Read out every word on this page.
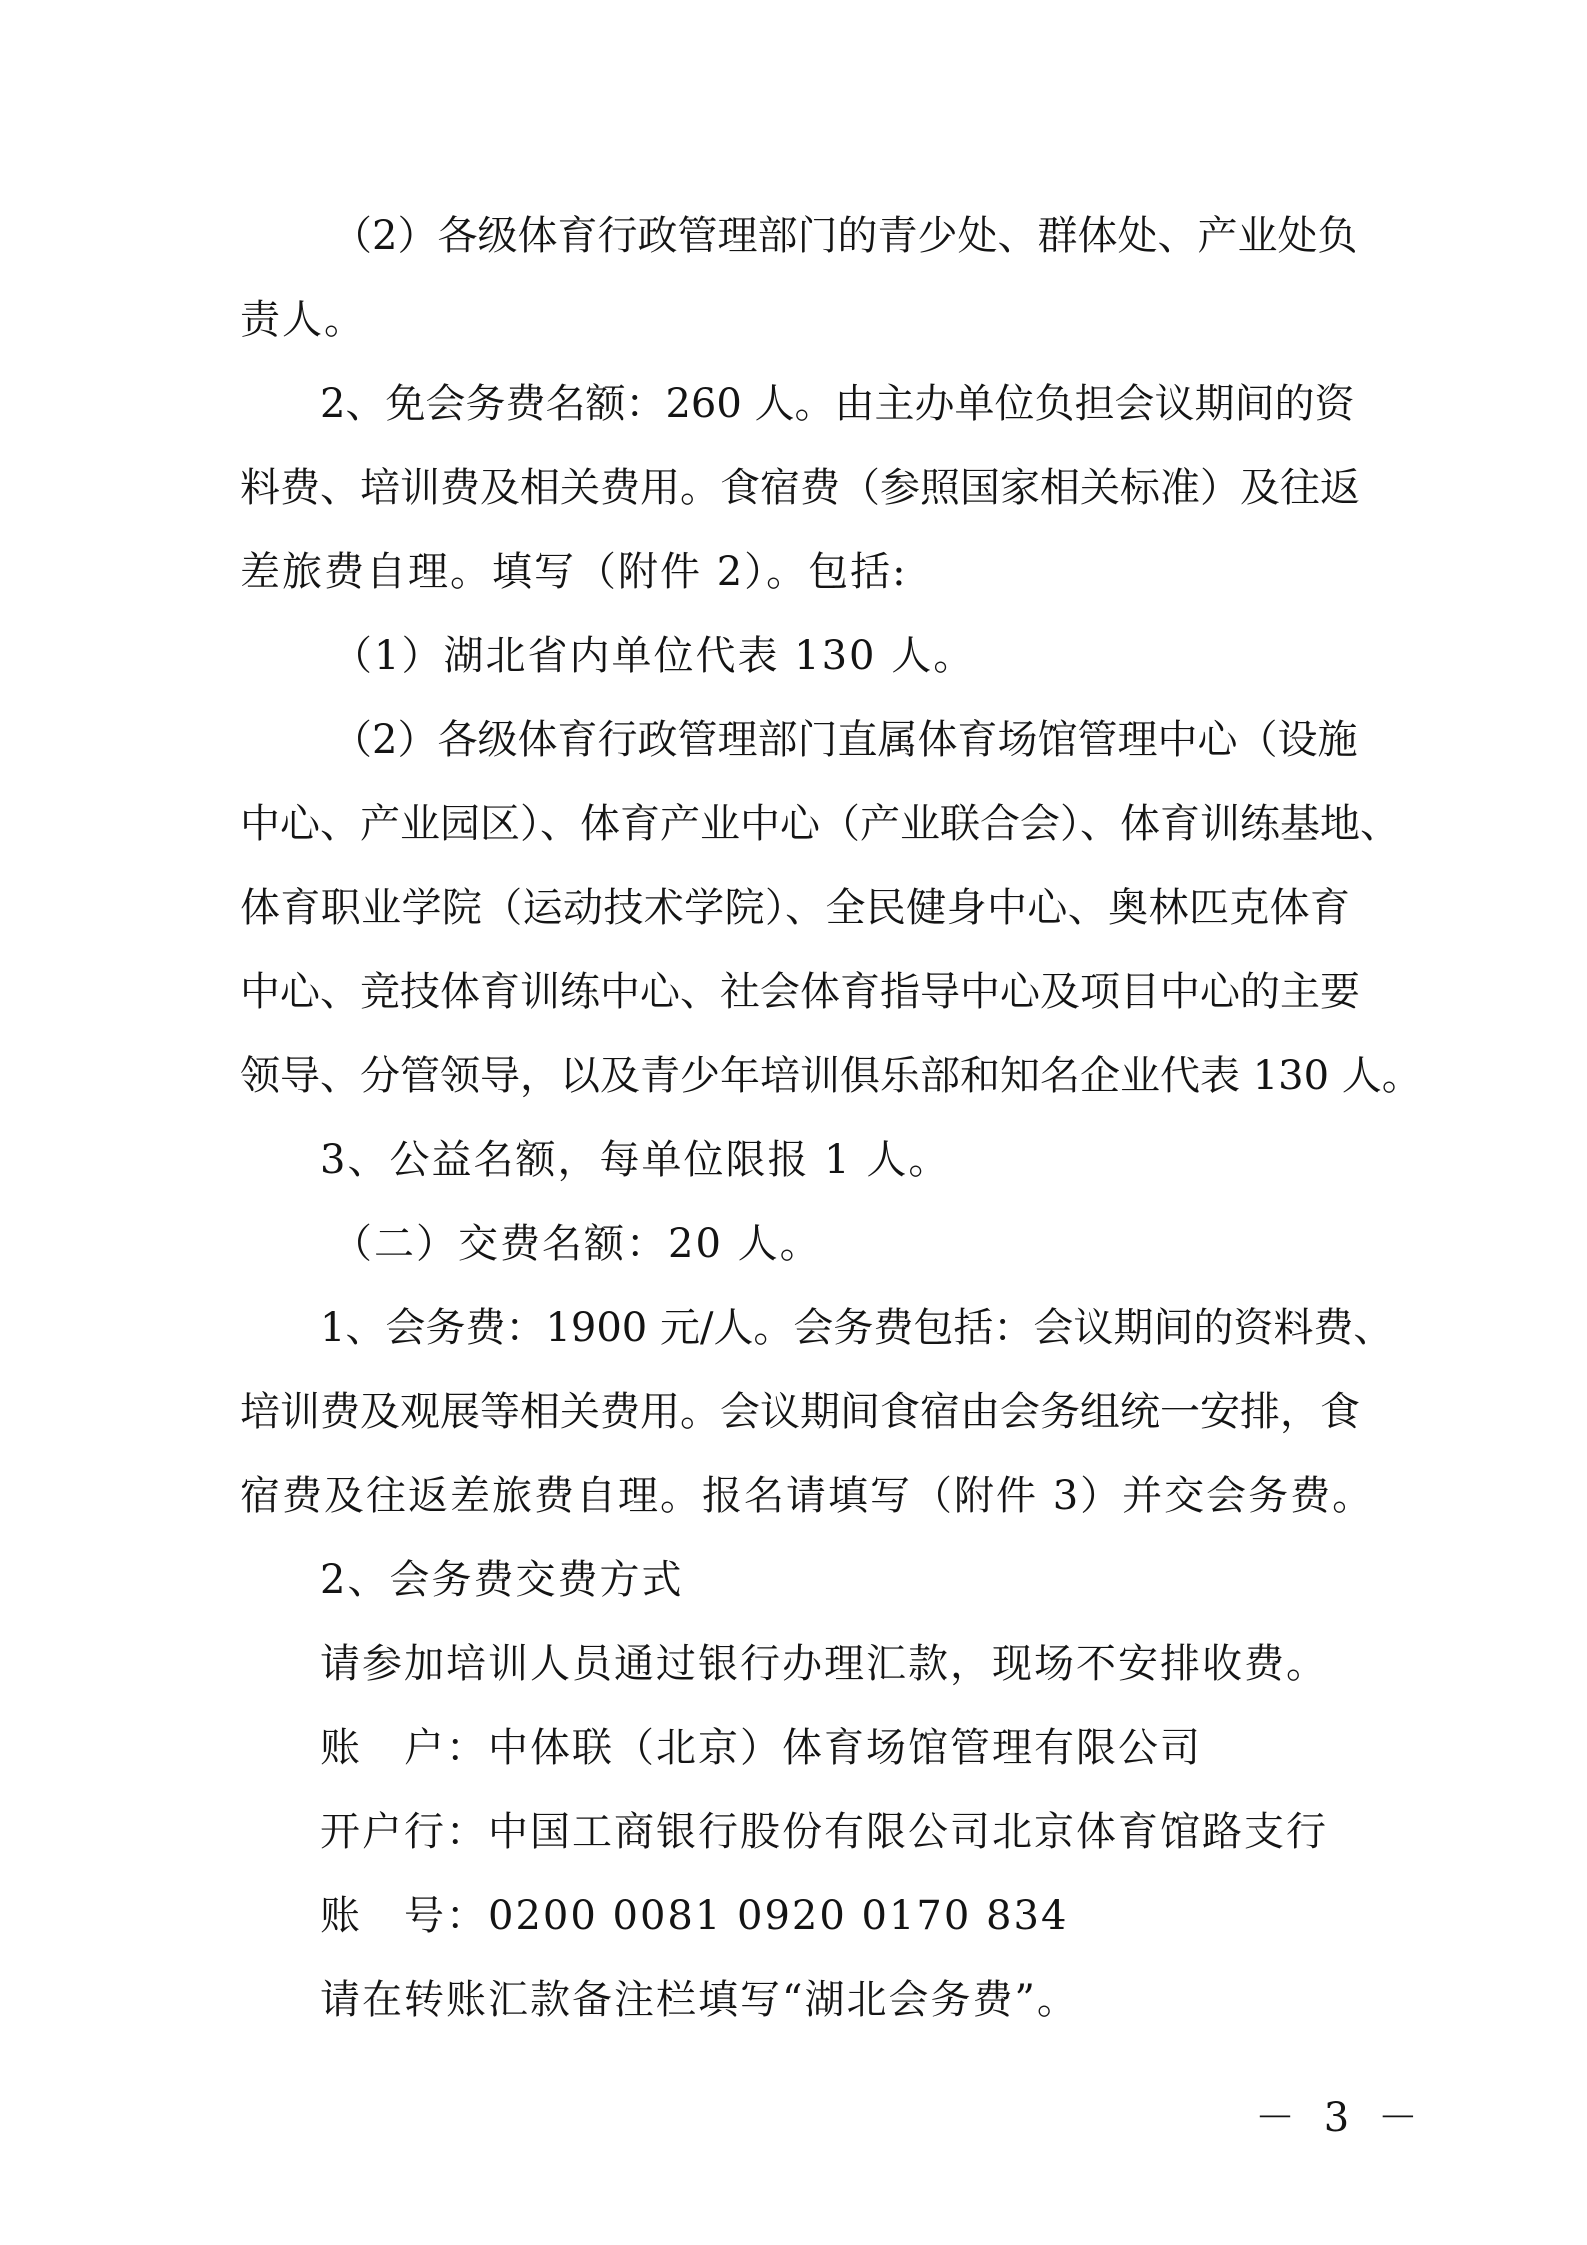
（2）各级体育行政管理部门的青少处、群体处、产业处负
责人。
2、免会务费名额：260 人。由主办单位负担会议期间的资
料费、培训费及相关费用。食宿费（参照国家相关标准）及往返
差旅费自理。填写（附件 2）。包括:
（1）湖北省内单位代表 130 人。
（2）各级体育行政管理部门直属体育场馆管理中心（设施
中心、产业园区）、体育产业中心（产业联合会）、体育训练基地、
体育职业学院（运动技术学院）、全民健身中心、奥林匹克体育
中心、竞技体育训练中心、社会体育指导中心及项目中心的主要
领导、分管领导，以及青少年培训俱乐部和知名企业代表 130 人。
3、公益名额，每单位限报 1 人。
（二）交费名额：20 人。
1、会务费：1900 元/人。会务费包括：会议期间的资料费、
培训费及观展等相关费用。会议期间食宿由会务组统一安排，食
宿费及往返差旅费自理。报名请填写（附件 3）并交会务费。
2、会务费交费方式
请参加培训人员通过银行办理汇款，现场不安排收费。
账　户：中体联（北京）体育场馆管理有限公司
开户行：中国工商银行股份有限公司北京体育馆路支行
账　号：0200 0081 0920 0170 834
请在转账汇款备注栏填写“湖北会务费”。
－ 3 －
